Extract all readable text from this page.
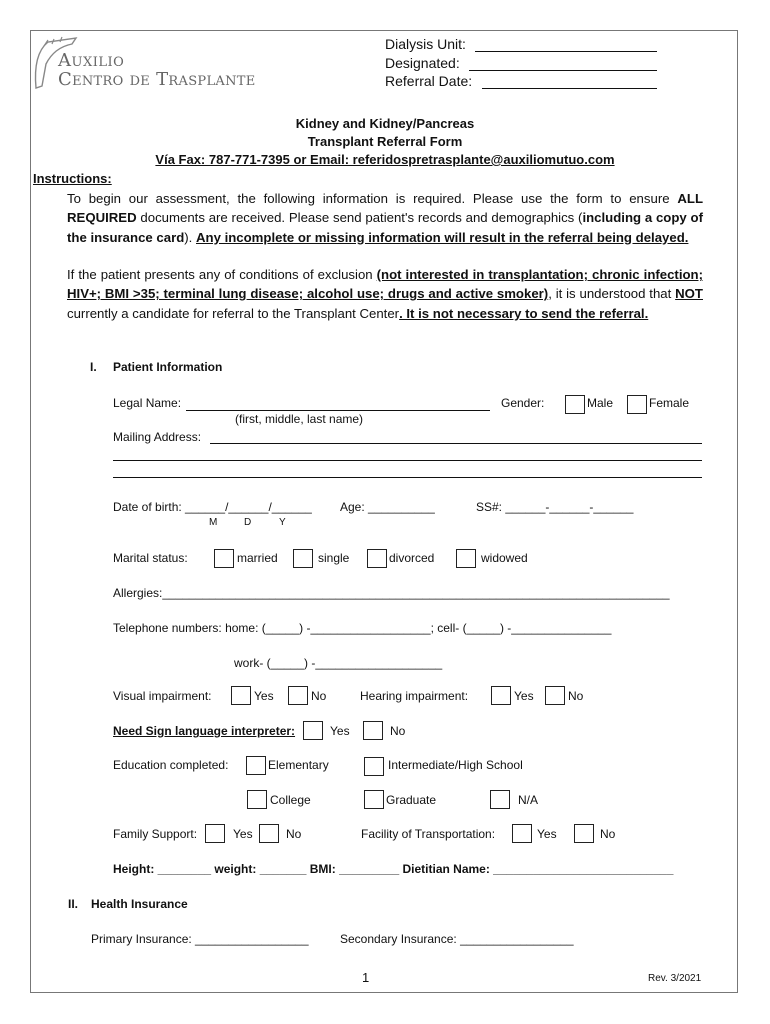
Auxilio
Centro de Trasplante
Dialysis Unit:
Designated:
Referral Date:
Kidney and Kidney/Pancreas
Transplant Referral Form
Vía Fax: 787-771-7395 or Email: referidospretrasplante@auxiliomutuo.com
Instructions:
To begin our assessment, the following information is required. Please use the form to ensure ALL REQUIRED documents are received. Please send patient's records and demographics (including a copy of the insurance card). Any incomplete or missing information will result in the referral being delayed.
If the patient presents any of conditions of exclusion (not interested in transplantation; chronic infection; HIV+; BMI >35; terminal lung disease; alcohol use; drugs and active smoker), it is understood that NOT currently a candidate for referral to the Transplant Center. It is not necessary to send the referral.
I. Patient Information
Legal Name:
(first, middle, last name)
Gender:	Male	Female
Mailing Address:
Date of birth: ______/______/______
M	D	Y
Age: __________	SS#: ______-______-______
Marital status:	married	single	divorced	widowed
Allergies:____________________________________________________________________________
Telephone numbers: home: (_____) -__________________; cell- (_____) -_______________
work- (_____) -___________________
Visual impairment:	Yes	No	Hearing impairment:	Yes	No
Need Sign language interpreter:	Yes	No
Education completed:	Elementary	Intermediate/High School
College	Graduate	N/A
Family Support:	Yes	No	Facility of Transportation:	Yes	No
Height: ________ weight: _______ BMI: _________ Dietitian Name: ___________________________
II. Health Insurance
Primary Insurance: _________________	Secondary Insurance: _________________
1	Rev. 3/2021
